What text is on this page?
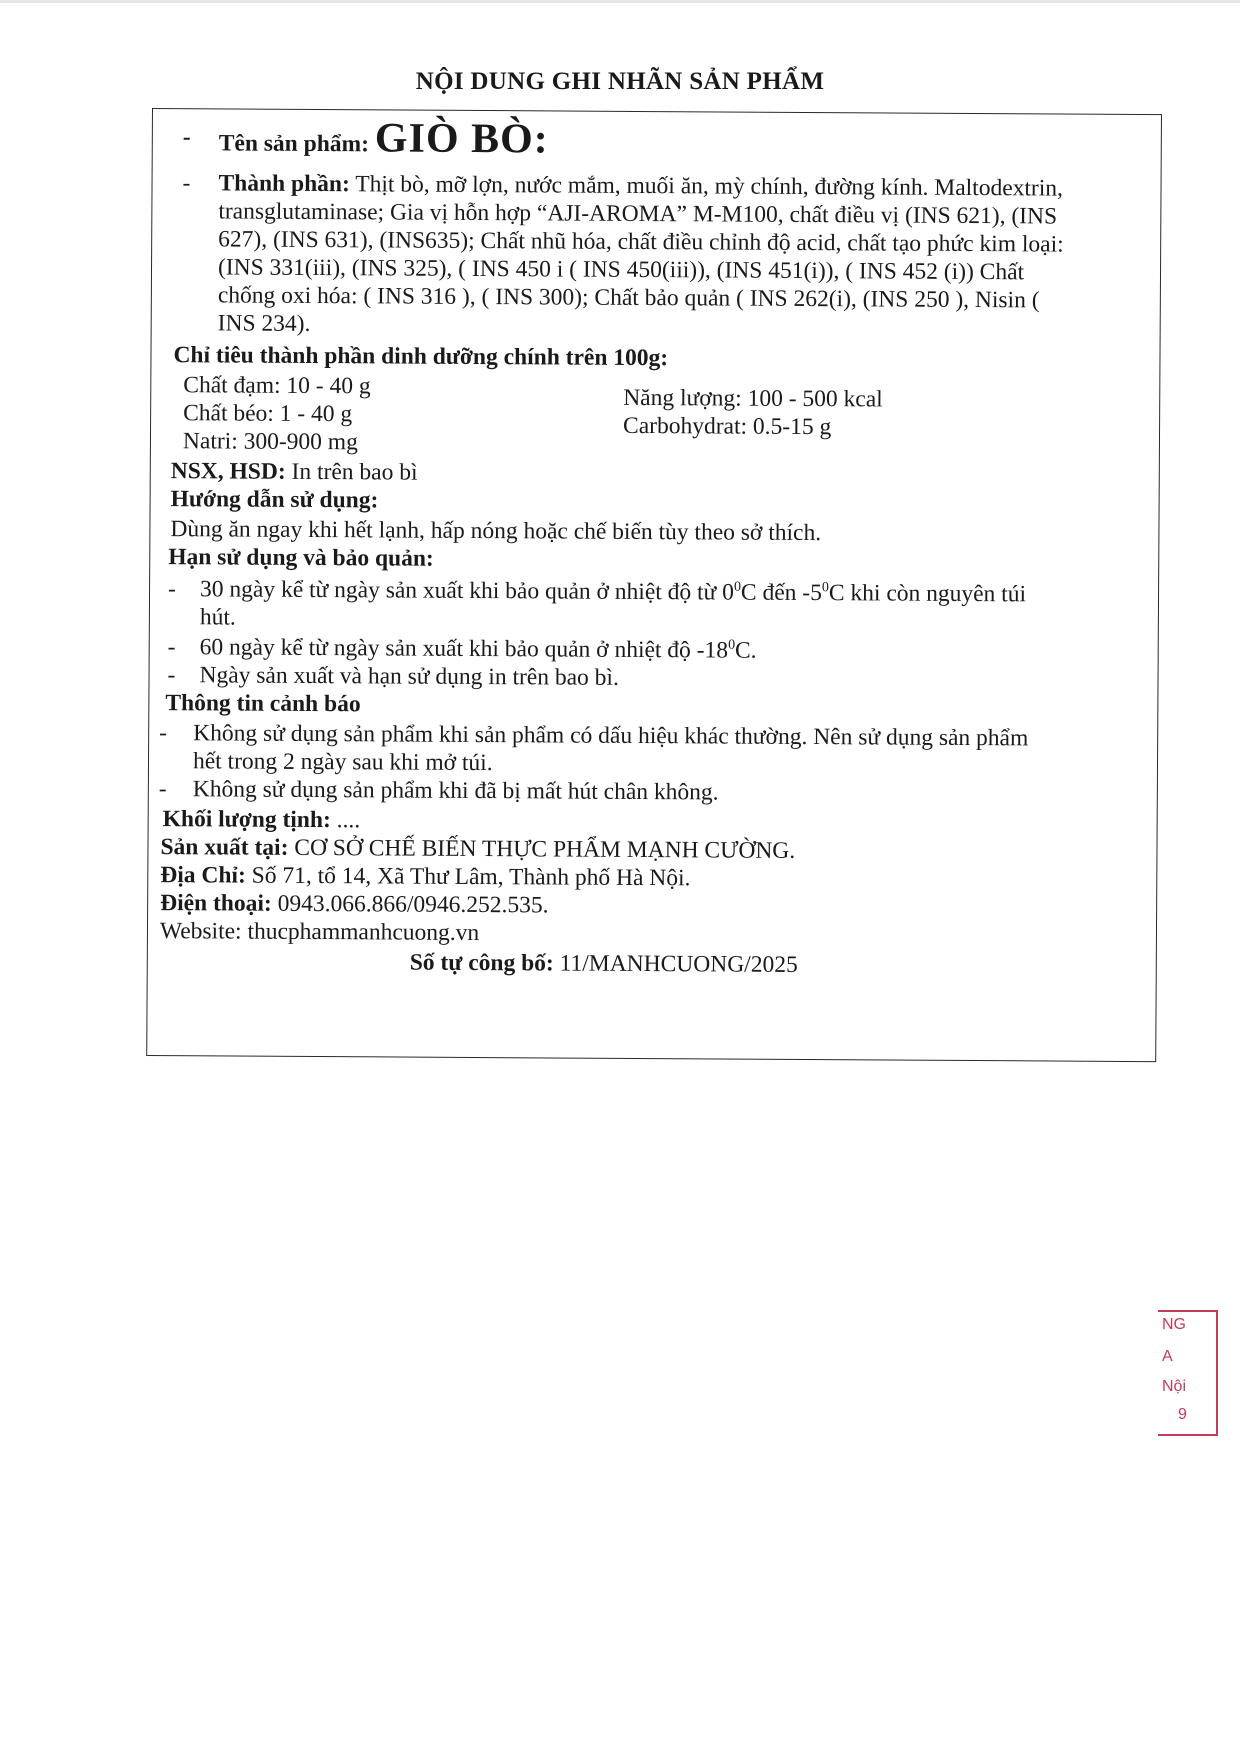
NỘI DUNG GHI NHÃN SẢN PHẨM
- Tên sản phẩm: GIÒ BÒ:
- Thành phần: Thịt bò, mỡ lợn, nước mắm, muối ăn, mỳ chính, đường kính. Maltodextrin,
transglutaminase; Gia vị hỗn hợp “AJI-AROMA” M-M100, chất điều vị (INS 621), (INS
627), (INS 631), (INS635); Chất nhũ hóa, chất điều chỉnh độ acid, chất tạo phức kim loại:
(INS 331(iii), (INS 325), ( INS 450 i ( INS 450(iii)), (INS 451(i)), ( INS 452 (i)) Chất
chống oxi hóa: ( INS 316 ), ( INS 300); Chất bảo quản ( INS 262(i), (INS 250 ), Nisin (
INS 234).
Chỉ tiêu thành phần dinh dưỡng chính trên 100g:
Chất đạm: 10 - 40 g
Chất béo: 1 - 40 g
Natri: 300-900 mg
Năng lượng: 100 - 500 kcal
Carbohydrat: 0.5-15 g
NSX, HSD: In trên bao bì
Hướng dẫn sử dụng:
Dùng ăn ngay khi hết lạnh, hấp nóng hoặc chế biến tùy theo sở thích.
Hạn sử dụng và bảo quản:
- 30 ngày kể từ ngày sản xuất khi bảo quản ở nhiệt độ từ $0^0C$ đến $-5^0C$ khi còn nguyên túi
hút.
- 60 ngày kể từ ngày sản xuất khi bảo quản ở nhiệt độ $-18^0C$.
- Ngày sản xuất và hạn sử dụng in trên bao bì.
Thông tin cảnh báo
- Không sử dụng sản phẩm khi sản phẩm có dấu hiệu khác thường. Nên sử dụng sản phẩm
hết trong 2 ngày sau khi mở túi.
- Không sử dụng sản phẩm khi đã bị mất hút chân không.
Khối lượng tịnh: ....
Sản xuất tại: CƠ SỞ CHẾ BIẾN THỰC PHẨM MẠNH CƯỜNG.
Địa Chỉ: Số 71, tổ 14, Xã Thư Lâm, Thành phố Hà Nội.
Điện thoại: 0943.066.866/0946.252.535.
Website: thucphammanhcuong.vn
Số tự công bố: 11/MANHCUONG/2025
NG
A
Nội
9
